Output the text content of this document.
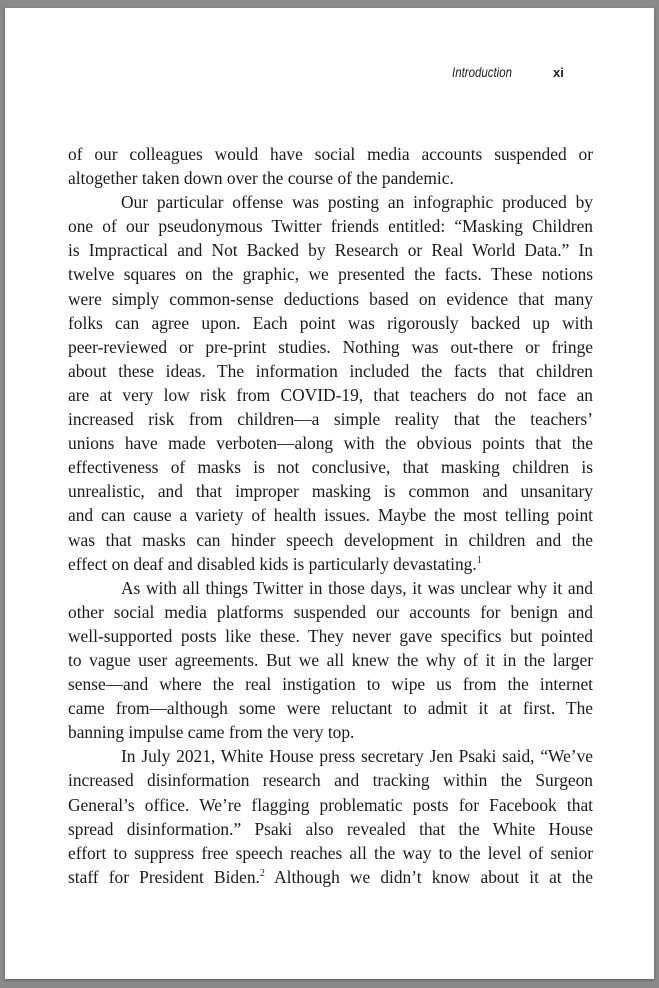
Introduction	xi
of our colleagues would have social media accounts suspended or
altogether taken down over the course of the pandemic.
Our particular offense was posting an infographic produced by
one of our pseudonymous Twitter friends entitled: “Masking Children
is Impractical and Not Backed by Research or Real World Data.” In
twelve squares on the graphic, we presented the facts. These notions
were simply common-sense deductions based on evidence that many
folks can agree upon. Each point was rigorously backed up with
peer-reviewed or pre-print studies. Nothing was out-there or fringe
about these ideas. The information included the facts that children
are at very low risk from COVID-19, that teachers do not face an
increased risk from children—a simple reality that the teachers’
unions have made verboten—along with the obvious points that the
effectiveness of masks is not conclusive, that masking children is
unrealistic, and that improper masking is common and unsanitary
and can cause a variety of health issues. Maybe the most telling point
was that masks can hinder speech development in children and the
effect on deaf and disabled kids is particularly devastating.$^1$
As with all things Twitter in those days, it was unclear why it and
other social media platforms suspended our accounts for benign and
well-supported posts like these. They never gave specifics but pointed
to vague user agreements. But we all knew the why of it in the larger
sense—and where the real instigation to wipe us from the internet
came from—although some were reluctant to admit it at first. The
banning impulse came from the very top.
In July 2021, White House press secretary Jen Psaki said, “We’ve
increased disinformation research and tracking within the Surgeon
General’s office. We’re flagging problematic posts for Facebook that
spread disinformation.” Psaki also revealed that the White House
effort to suppress free speech reaches all the way to the level of senior
staff for President Biden.$^2$ Although we didn’t know about it at the
